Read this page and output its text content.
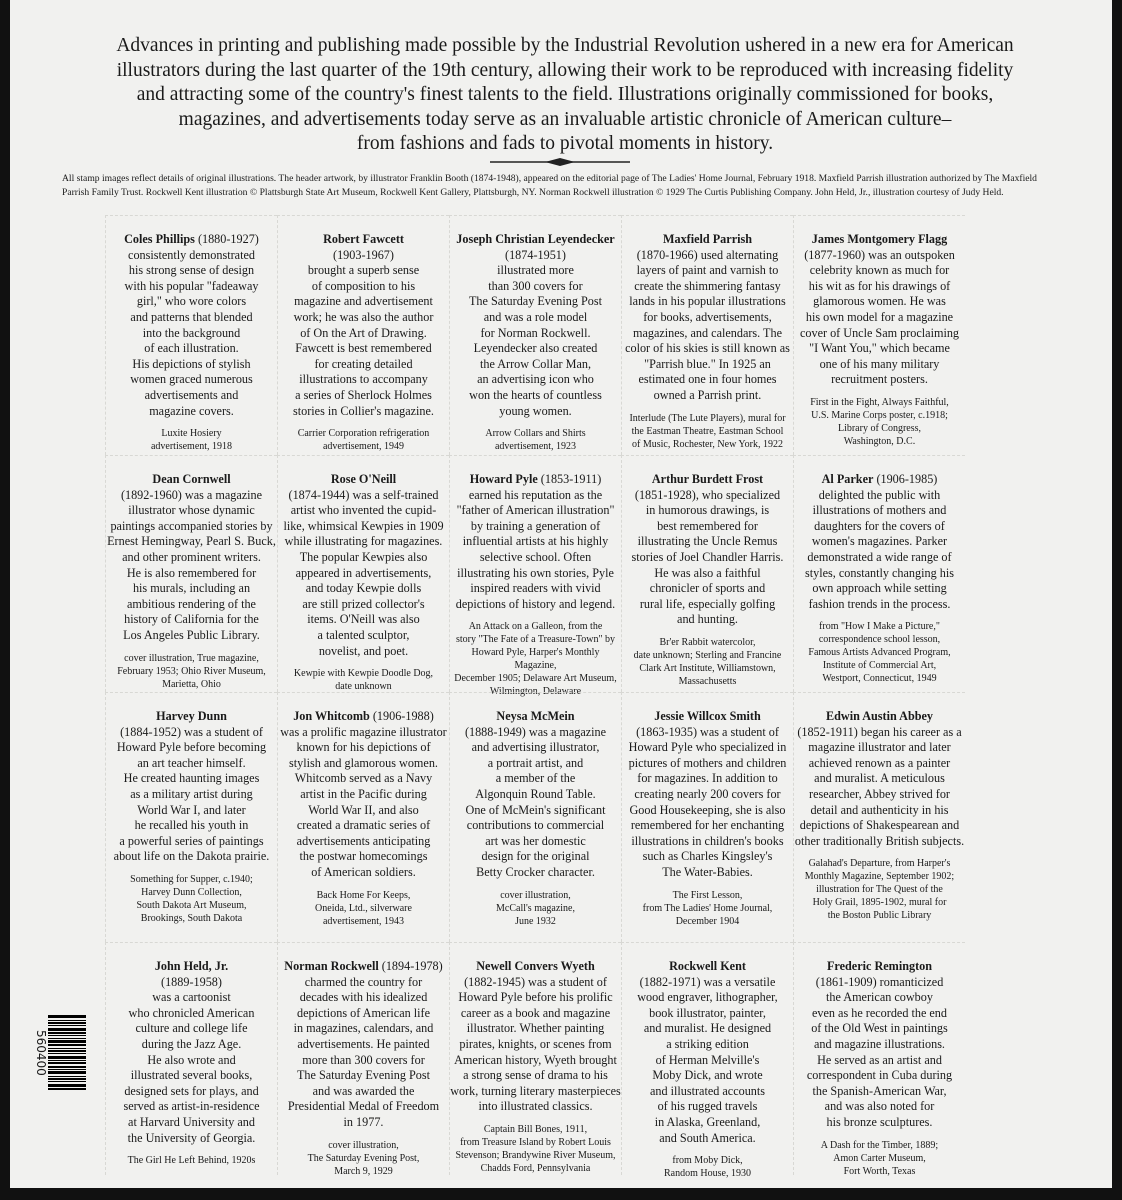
Advances in printing and publishing made possible by the Industrial Revolution ushered in a new era for American
illustrators during the last quarter of the 19th century, allowing their work to be reproduced with increasing fidelity
and attracting some of the country's finest talents to the field. Illustrations originally commissioned for books,
magazines, and advertisements today serve as an invaluable artistic chronicle of American culture–
from fashions and fads to pivotal moments in history.
All stamp images reflect details of original illustrations. The header artwork, by illustrator Franklin Booth (1874-1948), appeared on the editorial page of The Ladies' Home Journal, February 1918. Maxfield Parrish illustration authorized by The Maxfield
Parrish Family Trust. Rockwell Kent illustration © Plattsburgh State Art Museum, Rockwell Kent Gallery, Plattsburgh, NY. Norman Rockwell illustration © 1929 The Curtis Publishing Company. John Held, Jr., illustration courtesy of Judy Held.
Coles Phillips (1880-1927)
consistently demonstrated
his strong sense of design
with his popular "fadeaway
girl," who wore colors
and patterns that blended
into the background
of each illustration.
His depictions of stylish
women graced numerous
advertisements and
magazine covers.
Luxite Hosiery
advertisement, 1918
Robert Fawcett
(1903-1967)
brought a superb sense
of composition to his
magazine and advertisement
work; he was also the author
of On the Art of Drawing.
Fawcett is best remembered
for creating detailed
illustrations to accompany
a series of Sherlock Holmes
stories in Collier's magazine.
Carrier Corporation refrigeration
advertisement, 1949
Joseph Christian Leyendecker
(1874-1951)
illustrated more
than 300 covers for
The Saturday Evening Post
and was a role model
for Norman Rockwell.
Leyendecker also created
the Arrow Collar Man,
an advertising icon who
won the hearts of countless
young women.
Arrow Collars and Shirts
advertisement, 1923
Maxfield Parrish
(1870-1966) used alternating
layers of paint and varnish to
create the shimmering fantasy
lands in his popular illustrations
for books, advertisements,
magazines, and calendars. The
color of his skies is still known as
"Parrish blue." In 1925 an
estimated one in four homes
owned a Parrish print.
Interlude (The Lute Players), mural for
the Eastman Theatre, Eastman School
of Music, Rochester, New York, 1922
James Montgomery Flagg
(1877-1960) was an outspoken
celebrity known as much for
his wit as for his drawings of
glamorous women. He was
his own model for a magazine
cover of Uncle Sam proclaiming
"I Want You," which became
one of his many military
recruitment posters.
First in the Fight, Always Faithful,
U.S. Marine Corps poster, c.1918;
Library of Congress,
Washington, D.C.
Dean Cornwell
(1892-1960) was a magazine
illustrator whose dynamic
paintings accompanied stories by
Ernest Hemingway, Pearl S. Buck,
and other prominent writers.
He is also remembered for
his murals, including an
ambitious rendering of the
history of California for the
Los Angeles Public Library.
cover illustration, True magazine,
February 1953; Ohio River Museum,
Marietta, Ohio
Rose O'Neill
(1874-1944) was a self-trained
artist who invented the cupid-
like, whimsical Kewpies in 1909
while illustrating for magazines.
The popular Kewpies also
appeared in advertisements,
and today Kewpie dolls
are still prized collector's
items. O'Neill was also
a talented sculptor,
novelist, and poet.
Kewpie with Kewpie Doodle Dog,
date unknown
Howard Pyle (1853-1911)
earned his reputation as the
"father of American illustration"
by training a generation of
influential artists at his highly
selective school. Often
illustrating his own stories, Pyle
inspired readers with vivid
depictions of history and legend.
An Attack on a Galleon, from the
story "The Fate of a Treasure-Town" by
Howard Pyle, Harper's Monthly Magazine,
December 1905; Delaware Art Museum,
Wilmington, Delaware
Arthur Burdett Frost
(1851-1928), who specialized
in humorous drawings, is
best remembered for
illustrating the Uncle Remus
stories of Joel Chandler Harris.
He was also a faithful
chronicler of sports and
rural life, especially golfing
and hunting.
Br'er Rabbit watercolor,
date unknown; Sterling and Francine
Clark Art Institute, Williamstown,
Massachusetts
Al Parker (1906-1985)
delighted the public with
illustrations of mothers and
daughters for the covers of
women's magazines. Parker
demonstrated a wide range of
styles, constantly changing his
own approach while setting
fashion trends in the process.
from "How I Make a Picture,"
correspondence school lesson,
Famous Artists Advanced Program,
Institute of Commercial Art,
Westport, Connecticut, 1949
Harvey Dunn
(1884-1952) was a student of
Howard Pyle before becoming
an art teacher himself.
He created haunting images
as a military artist during
World War I, and later
he recalled his youth in
a powerful series of paintings
about life on the Dakota prairie.
Something for Supper, c.1940;
Harvey Dunn Collection,
South Dakota Art Museum,
Brookings, South Dakota
Jon Whitcomb (1906-1988)
was a prolific magazine illustrator
known for his depictions of
stylish and glamorous women.
Whitcomb served as a Navy
artist in the Pacific during
World War II, and also
created a dramatic series of
advertisements anticipating
the postwar homecomings
of American soldiers.
Back Home For Keeps,
Oneida, Ltd., silverware
advertisement, 1943
Neysa McMein
(1888-1949) was a magazine
and advertising illustrator,
a portrait artist, and
a member of the
Algonquin Round Table.
One of McMein's significant
contributions to commercial
art was her domestic
design for the original
Betty Crocker character.
cover illustration,
McCall's magazine,
June 1932
Jessie Willcox Smith
(1863-1935) was a student of
Howard Pyle who specialized in
pictures of mothers and children
for magazines. In addition to
creating nearly 200 covers for
Good Housekeeping, she is also
remembered for her enchanting
illustrations in children's books
such as Charles Kingsley's
The Water-Babies.
The First Lesson,
from The Ladies' Home Journal,
December 1904
Edwin Austin Abbey
(1852-1911) began his career as a
magazine illustrator and later
achieved renown as a painter
and muralist. A meticulous
researcher, Abbey strived for
detail and authenticity in his
depictions of Shakespearean and
other traditionally British subjects.
Galahad's Departure, from Harper's
Monthly Magazine, September 1902;
illustration for The Quest of the
Holy Grail, 1895-1902, mural for
the Boston Public Library
John Held, Jr.
(1889-1958)
was a cartoonist
who chronicled American
culture and college life
during the Jazz Age.
He also wrote and
illustrated several books,
designed sets for plays, and
served as artist-in-residence
at Harvard University and
the University of Georgia.
The Girl He Left Behind, 1920s
Norman Rockwell (1894-1978)
charmed the country for
decades with his idealized
depictions of American life
in magazines, calendars, and
advertisements. He painted
more than 300 covers for
The Saturday Evening Post
and was awarded the
Presidential Medal of Freedom
in 1977.
cover illustration,
The Saturday Evening Post,
March 9, 1929
Newell Convers Wyeth
(1882-1945) was a student of
Howard Pyle before his prolific
career as a book and magazine
illustrator. Whether painting
pirates, knights, or scenes from
American history, Wyeth brought
a strong sense of drama to his
work, turning literary masterpieces
into illustrated classics.
Captain Bill Bones, 1911,
from Treasure Island by Robert Louis
Stevenson; Brandywine River Museum,
Chadds Ford, Pennsylvania
Rockwell Kent
(1882-1971) was a versatile
wood engraver, lithographer,
book illustrator, painter,
and muralist. He designed
a striking edition
of Herman Melville's
Moby Dick, and wrote
and illustrated accounts
of his rugged travels
in Alaska, Greenland,
and South America.
from Moby Dick,
Random House, 1930
Frederic Remington
(1861-1909) romanticized
the American cowboy
even as he recorded the end
of the Old West in paintings
and magazine illustrations.
He served as an artist and
correspondent in Cuba during
the Spanish-American War,
and was also noted for
his bronze sculptures.
A Dash for the Timber, 1889;
Amon Carter Museum,
Fort Worth, Texas
560400
